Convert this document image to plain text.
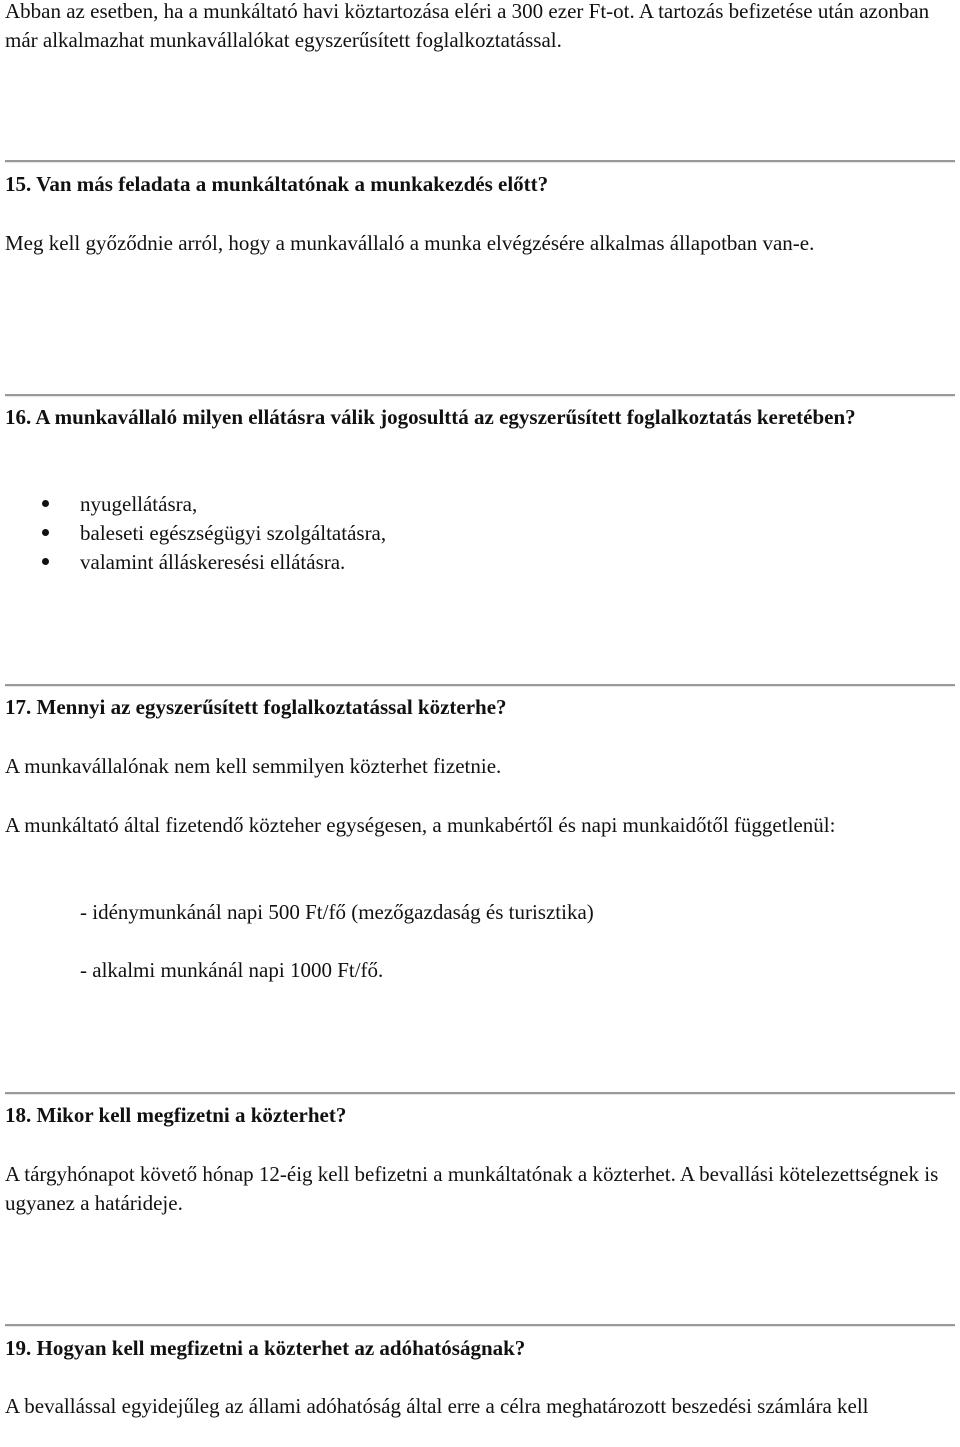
Abban az esetben, ha a munkáltató havi köztartozása eléri a 300 ezer Ft-ot. A tartozás befizetése után azonban már alkalmazhat munkavállalókat egyszerűsített foglalkoztatással.

15. Van más feladata a munkáltatónak a munkakezdés előtt?

Meg kell győződnie arról, hogy a munkavállaló a munka elvégzésére alkalmas állapotban van-e.

16. A munkavállaló milyen ellátásra válik jogosulttá az egyszerűsített foglalkoztatás keretében?

nyugellátásra,
baleseti egészségügyi szolgáltatásra,
valamint álláskeresési ellátásra.

17. Mennyi az egyszerűsített foglalkoztatással közterhe?

A munkavállalónak nem kell semmilyen közterhet fizetnie.

A munkáltató által fizetendő közteher egységesen, a munkabértől és napi munkaidőtől függetlenül:

- idénymunkánál napi 500 Ft/fő (mezőgazdaság és turisztika)

- alkalmi munkánál napi 1000 Ft/fő.

18. Mikor kell megfizetni a közterhet?

A tárgyhónapot követő hónap 12-éig kell befizetni a munkáltatónak a közterhet. A bevallási kötelezettségnek is ugyanez a határideje.

19. Hogyan kell megfizetni a közterhet az adóhatóságnak?

A bevallással egyidejűleg az állami adóhatóság által erre a célra meghatározott beszedési számlára kell
